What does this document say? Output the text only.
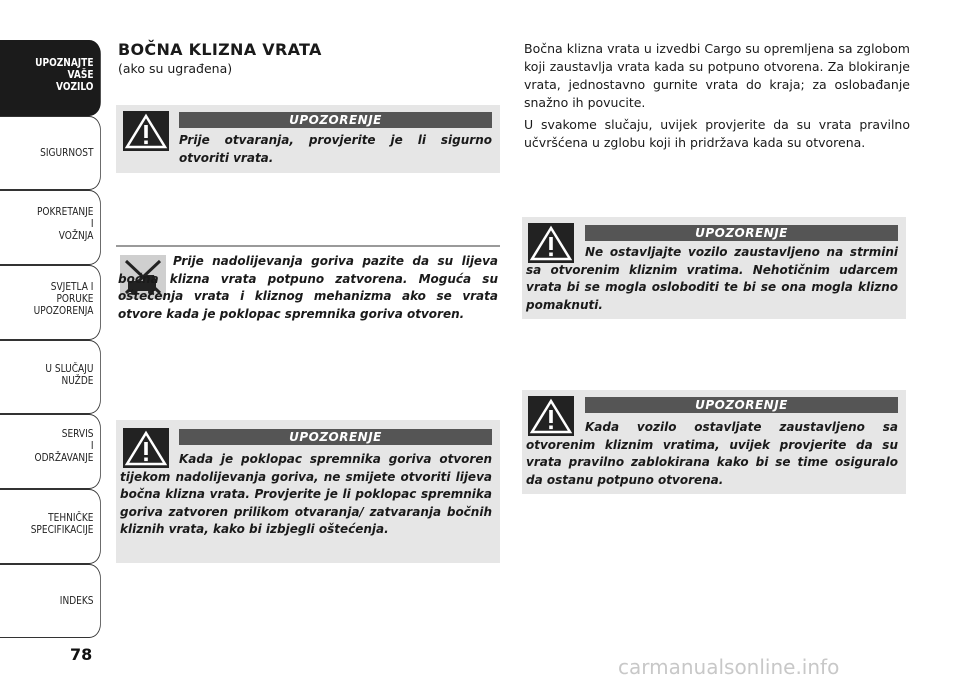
UPOZNAJTE
VAŠE
VOZILO
SIGURNOST
POKRETANJE
I
VOŽNJA
SVJETLA I
PORUKE
UPOZORENJA
U SLUČAJU
NUŽDE
SERVIS
I
ODRŽAVANJE
TEHNIČKE
SPECIFIKACIJE
INDEKS
78
BOČNA KLIZNA VRATA
(ako su ugrađena)
UPOZORENJE
Prije otvaranja, provjerite je li sigurno otvoriti vrata.
Prije nadolijevanja goriva pazite da su lijeva bočna klizna vrata potpuno zatvorena. Moguća su oštećenja vrata i kliznog mehanizma ako se vrata otvore kada je poklopac spremnika goriva otvoren.
UPOZORENJE
Kada je poklopac spremnika goriva otvoren tijekom nadolijevanja goriva, ne smijete otvoriti lijeva bočna klizna vrata. Provjerite je li poklopac spremnika goriva zatvoren prilikom otvaranja/ zatvaranja bočnih kliznih vrata, kako bi izbjegli oštećenja.
Bočna klizna vrata u izvedbi Cargo su opremljena sa zglobom koji zaustavlja vrata kada su potpuno otvorena. Za blokiranje vrata, jednostavno gurnite vrata do kraja; za oslobađanje snažno ih povucite.
U svakome slučaju, uvijek provjerite da su vrata pravilno učvršćena u zglobu koji ih pridržava kada su otvorena.
UPOZORENJE
Ne ostavljajte vozilo zaustavljeno na strmini sa otvorenim kliznim vratima. Nehotičnim udarcem vrata bi se mogla osloboditi te bi se ona mogla klizno pomaknuti.
UPOZORENJE
Kada vozilo ostavljate zaustavljeno sa otvorenim kliznim vratima, uvijek provjerite da su vrata pravilno zablokirana kako bi se time osiguralo da ostanu potpuno otvorena.
carmanualsonline.info
